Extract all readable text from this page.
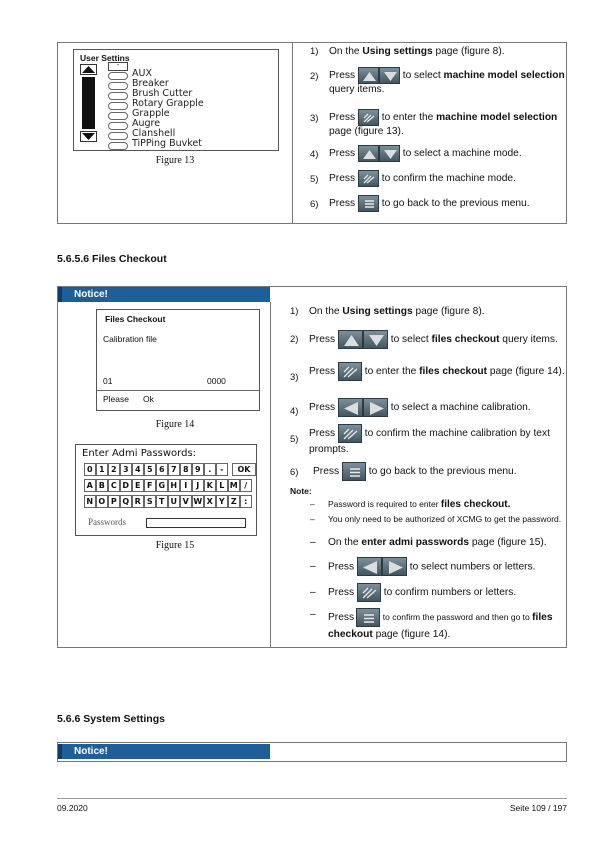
User Settins
-
AUX
Breaker
Brush Cutter
Rotary Grapple
Grapple
Augre
Clanshell
TiPPing Buvket
Figure 13
1)	On the Using settings page (figure 8).
2)	Press	to select machine model selection query items.
3)	Press	to enter the machine model selection page (figure 13).
4)	Press	to select a machine mode.
5)	Press	to confirm the machine mode.
6)	Press	to go back to the previous menu.
5.6.5.6 Files Checkout
Notice!
Files Checkout
Calibration file
01	0000
Please Ok
Figure 14
Enter Admi Passwords:
0 1 2 3 4 5 6 7 8 9 .	-	OK
A B C D E F G H I	J K L M /
N O P Q R S T U V W X Y Z :
Passwords
Figure 15
1)	On the Using settings page (figure 8).
2)	Press	to select files checkout query items.
3)
Press	to enter the files checkout page (figure 14).
4)	Press	to select a machine calibration.
5)
Press	to confirm the machine calibration by text prompts.
6)	Press	to go back to the previous menu.
Note:
– Password is required to enter files checkout.
– You only need to be authorized of XCMG to get the password.
– On the enter admi passwords page (figure 15).
– Press	to select numbers or letters.
– Press	to confirm numbers or letters.
– Press	to confirm the password and then go to files checkout page (figure 14).
5.6.6 System Settings
Notice!
09.2020	Seite 109 / 197
